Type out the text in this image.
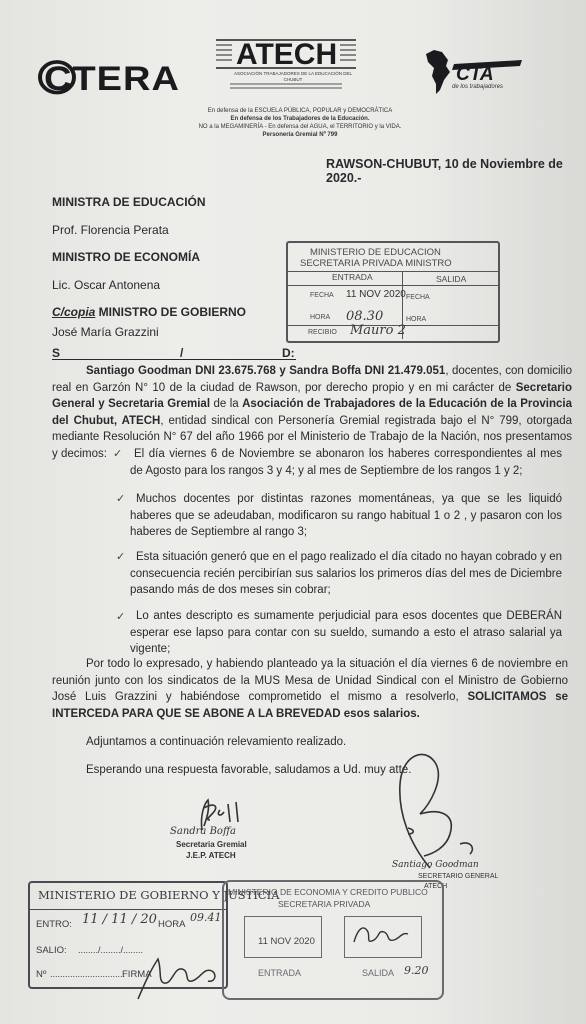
CTERA
ATECH
ASOCIACIÓN TRABAJADORES DE LA EDUCACIÓN DEL CHUBUT	CTA
de los trabajadores
En defensa de la ESCUELA PÚBLICA, POPULAR y DEMOCRÁTICA
En defensa de los Trabajadores de la Educación.
NO a la MEGAMINERÍA - En defensa del AGUA, el TERRITORIO y la VIDA.
Personería Gremial Nº 799
RAWSON-CHUBUT, 10 de Noviembre de 2020.-
MINISTRA DE EDUCACIÓN
Prof. Florencia Perata
MINISTRO DE ECONOMÍA
Lic. Oscar Antonena
C/copia MINISTRO DE GOBIERNO
José María Grazzini
S	/	D:
MINISTERIO DE EDUCACION
SECRETARIA PRIVADA MINISTRO
ENTRADA	SALIDA
FECHA 11 NOV 2020 FECHA
HORA 08.30	HORA
RECIBIO Mauro 2
Santiago Goodman DNI 23.675.768 y Sandra Boffa DNI 21.479.051, docentes, con domicilio real en Garzón N° 10 de la ciudad de Rawson, por derecho propio y en mi carácter de Secretario General y Secretaria Gremial de la Asociación de Trabajadores de la Educación de la Provincia del Chubut, ATECH, entidad sindical con Personería Gremial registrada bajo el N° 799, otorgada mediante Resolución N° 67 del año 1966 por el Ministerio de Trabajo de la Nación, nos presentamos y decimos: ✓	El día viernes 6 de Noviembre se abonaron los haberes correspondientes al mes de Agosto para los rangos 3 y 4; y al mes de Septiembre de los rangos 1 y 2;
✓ Muchos docentes por distintas razones momentáneas, ya que se les liquidó haberes que se adeudaban, modificaron su rango habitual 1 o 2 , y pasaron con los haberes de Septiembre al rango 3;
✓ Esta situación generó que en el pago realizado el día citado no hayan cobrado y en consecuencia recién percibirían sus salarios los primeros días del mes de Diciembre pasando más de dos meses sin cobrar;
✓ Lo antes descripto es sumamente perjudicial para esos docentes que DEBERÁN esperar ese lapso para contar con su sueldo, sumando a esto el atraso salarial ya vigente;
Por todo lo expresado, y habiendo planteado ya la situación el día viernes 6 de noviembre en reunión junto con los sindicatos de la MUS Mesa de Unidad Sindical con el Ministro de Gobierno José Luis Grazzini y habiéndose comprometido el mismo a resolverlo, SOLICITAMOS se INTERCEDA PARA QUE SE ABONE A LA BREVEDAD esos salarios.
Adjuntamos a continuación relevamiento realizado.
Esperando una respuesta favorable, saludamos a Ud. muy atte.
Sandra Boffa
Secretaria Gremial
J.E.P. ATECH
Santiago Goodman
SECRETARIO GENERAL
ATECH
MINISTERIO DE GOBIERNO Y JUSTICIA
ENTRO: 11 / 11 / 20 HORA
09.41
SALIO: ......../......../........
Nº ..............................
FIRMA
MINISTERIO DE ECONOMIA Y CREDITO PUBLICO
SECRETARIA PRIVADA
11 NOV 2020
ENTRADA	SALIDA 9.20
